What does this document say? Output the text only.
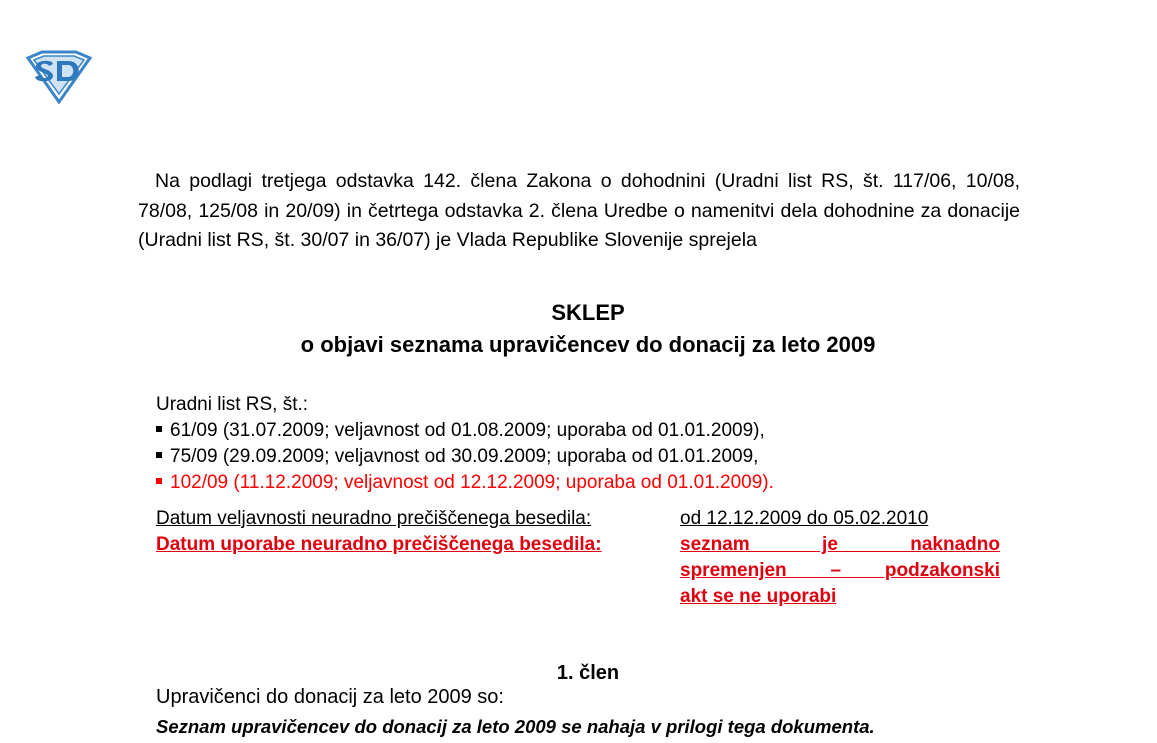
Na podlagi tretjega odstavka 142. člena Zakona o dohodnini (Uradni list RS, št. 117/06, 10/08, 78/08, 125/08 in 20/09) in četrtega odstavka 2. člena Uredbe o namenitvi dela dohodnine za donacije (Uradni list RS, št. 30/07 in 36/07) je Vlada Republike Slovenije sprejela

SKLEP
o objavi seznama upravičencev do donacij za leto 2009
Uradni list RS, št.:
61/09 (31.07.2009; veljavnost od 01.08.2009; uporaba od 01.01.2009),
75/09 (29.09.2009; veljavnost od 30.09.2009; uporaba od 01.01.2009,
102/09 (11.12.2009; veljavnost od 12.12.2009; uporaba od 01.01.2009).
Datum veljavnosti neuradno prečiščenega besedila:	od 12.12.2009 do 05.02.2010
Datum uporabe neuradno prečiščenega besedila:	seznam je naknadno
spremenjen – podzakonski
akt se ne uporabi
1. člen

Upravičenci do donacij za leto 2009 so:

Seznam upravičencev do donacij za leto 2009 se nahaja v prilogi tega dokumenta.
